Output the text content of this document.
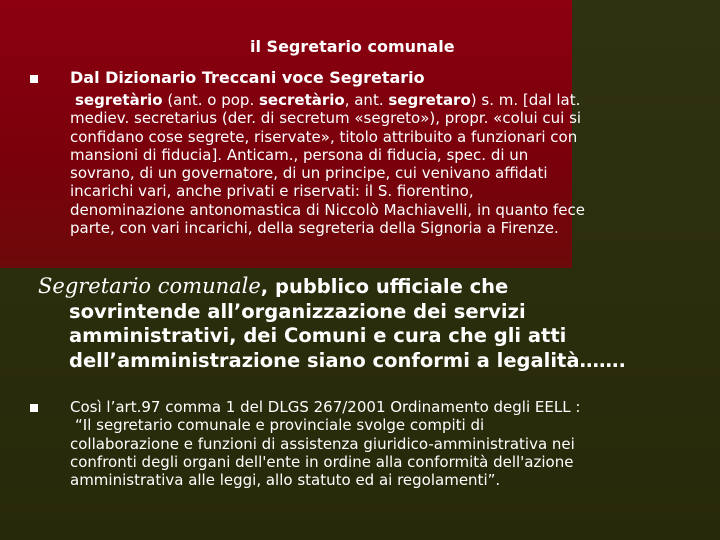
il Segretario comunale
Dal Dizionario Treccani voce Segretario
segretàrio (ant. o pop. secretàrio, ant. segretaro) s. m. [dal lat.
mediev. secretarius (der. di secretum «segreto»), propr. «colui cui si
confidano cose segrete, riservate», titolo attribuito a funzionari con
mansioni di fiducia]. Anticam., persona di fiducia, spec. di un
sovrano, di un governatore, di un principe, cui venivano affidati
incarichi vari, anche privati e riservati: il S. fiorentino,
denominazione antonomastica di Niccolò Machiavelli, in quanto fece
parte, con vari incarichi, della segreteria della Signoria a Firenze.
Segretario comunale, pubblico ufficiale che
sovrintende all’organizzazione dei servizi
amministrativi, dei Comuni e cura che gli atti
dell’amministrazione siano conformi a legalità…….
Così l’art.97 comma 1 del DLGS 267/2001 Ordinamento degli EELL :
“Il segretario comunale e provinciale svolge compiti di
collaborazione e funzioni di assistenza giuridico-amministrativa nei
confronti degli organi dell'ente in ordine alla conformità dell'azione
amministrativa alle leggi, allo statuto ed ai regolamenti”.
